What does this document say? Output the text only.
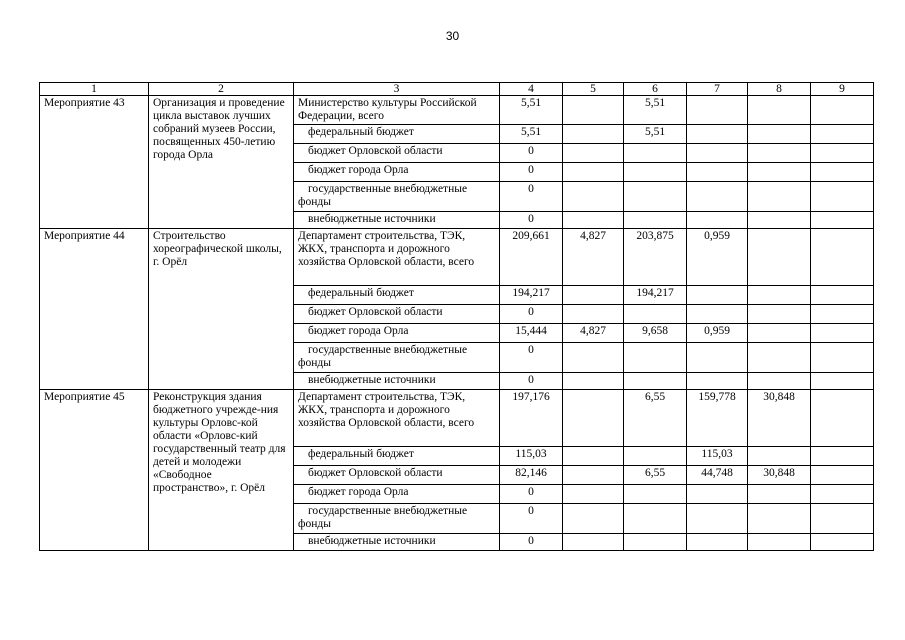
30
1	2	3	4	5	6	7	8	9
Мероприятие 43	Организация и проведение цикла выставок лучших собраний музеев России, посвященных 450-летию города Орла	Министерство культуры Российской Федерации, всего	5,51		5,51			
		федеральный бюджет	5,51		5,51			
		бюджет Орловской области	0					
		бюджет города Орла	0					
		государственные внебюджетные фонды	0					
		внебюджетные источники	0					
Мероприятие 44	Строительство хореографической школы, г. Орёл	Департамент строительства, ТЭК, ЖКХ, транспорта и дорожного хозяйства Орловской области, всего	209,661	4,827	203,875	0,959		
		федеральный бюджет	194,217		194,217			
		бюджет Орловской области	0					
		бюджет города Орла	15,444	4,827	9,658	0,959		
		государственные внебюджетные фонды	0					
		внебюджетные источники	0					
Мероприятие 45	Реконструкция здания бюджетного учрежде-ния культуры Орловс-кой области «Орловс-кий государственный театр для детей и молодежи «Свободное пространство», г. Орёл	Департамент строительства, ТЭК, ЖКХ, транспорта и дорожного хозяйства Орловской области, всего	197,176		6,55	159,778	30,848	
		федеральный бюджет	115,03			115,03		
		бюджет Орловской области	82,146		6,55	44,748	30,848	
		бюджет города Орла	0					
		государственные внебюджетные фонды	0					
		внебюджетные источники	0					
